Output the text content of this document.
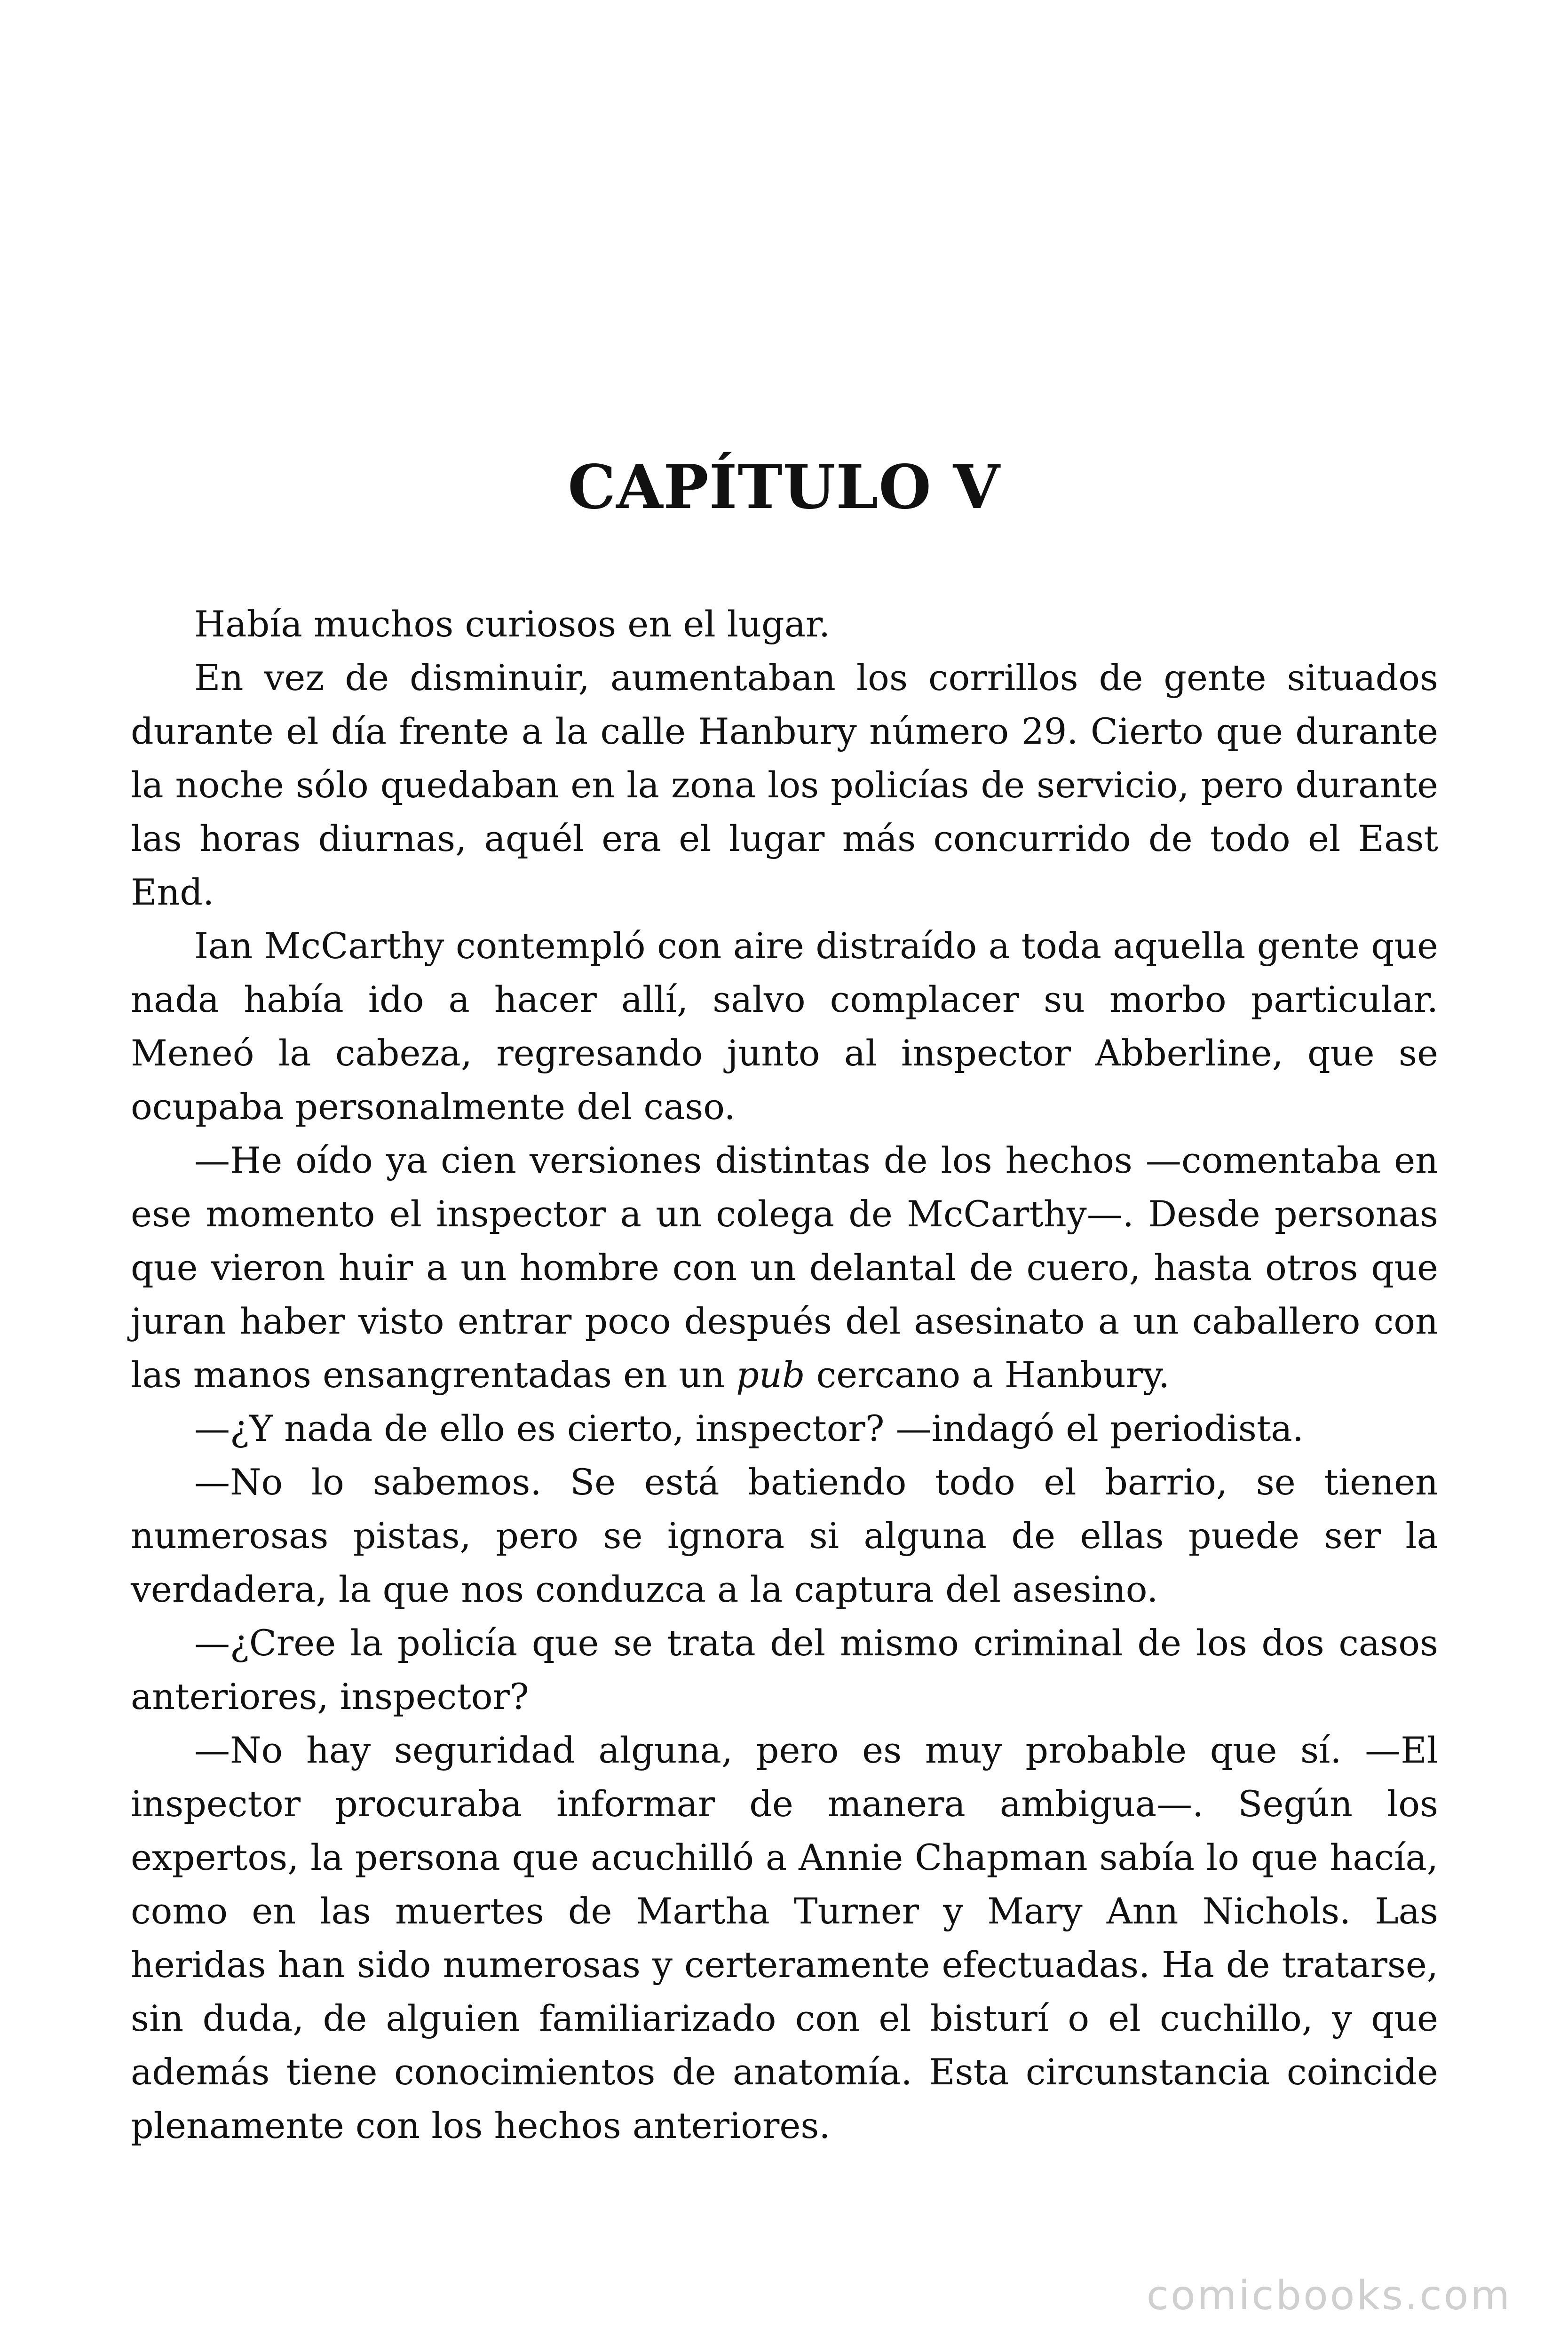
CAPÍTULO V

Había muchos curiosos en el lugar.

En vez de disminuir, aumentaban los corrillos de gente situados durante el día frente a la calle Hanbury número 29. Cierto que durante la noche sólo quedaban en la zona los policías de servicio, pero durante las horas diurnas, aquél era el lugar más concurrido de todo el East End.

Ian McCarthy contempló con aire distraído a toda aquella gente que nada había ido a hacer allí, salvo complacer su morbo particular. Meneó la cabeza, regresando junto al inspector Abberline, que se ocupaba personalmente del caso.

—He oído ya cien versiones distintas de los hechos —comentaba en ese momento el inspector a un colega de McCarthy—. Desde personas que vieron huir a un hombre con un delantal de cuero, hasta otros que juran haber visto entrar poco después del asesinato a un caballero con las manos ensangrentadas en un pub cercano a Hanbury.

—¿Y nada de ello es cierto, inspector? —indagó el periodista.

—No lo sabemos. Se está batiendo todo el barrio, se tienen numerosas pistas, pero se ignora si alguna de ellas puede ser la verdadera, la que nos conduzca a la captura del asesino.

—¿Cree la policía que se trata del mismo criminal de los dos casos anteriores, inspector?

—No hay seguridad alguna, pero es muy probable que sí. —El inspector procuraba informar de manera ambigua—. Según los expertos, la persona que acuchilló a Annie Chapman sabía lo que hacía, como en las muertes de Martha Turner y Mary Ann Nichols. Las heridas han sido numerosas y certeramente efectuadas. Ha de tratarse, sin duda, de alguien familiarizado con el bisturí o el cuchillo, y que además tiene conocimientos de anatomía. Esta circunstancia coincide plenamente con los hechos anteriores.

comicbooks.com
